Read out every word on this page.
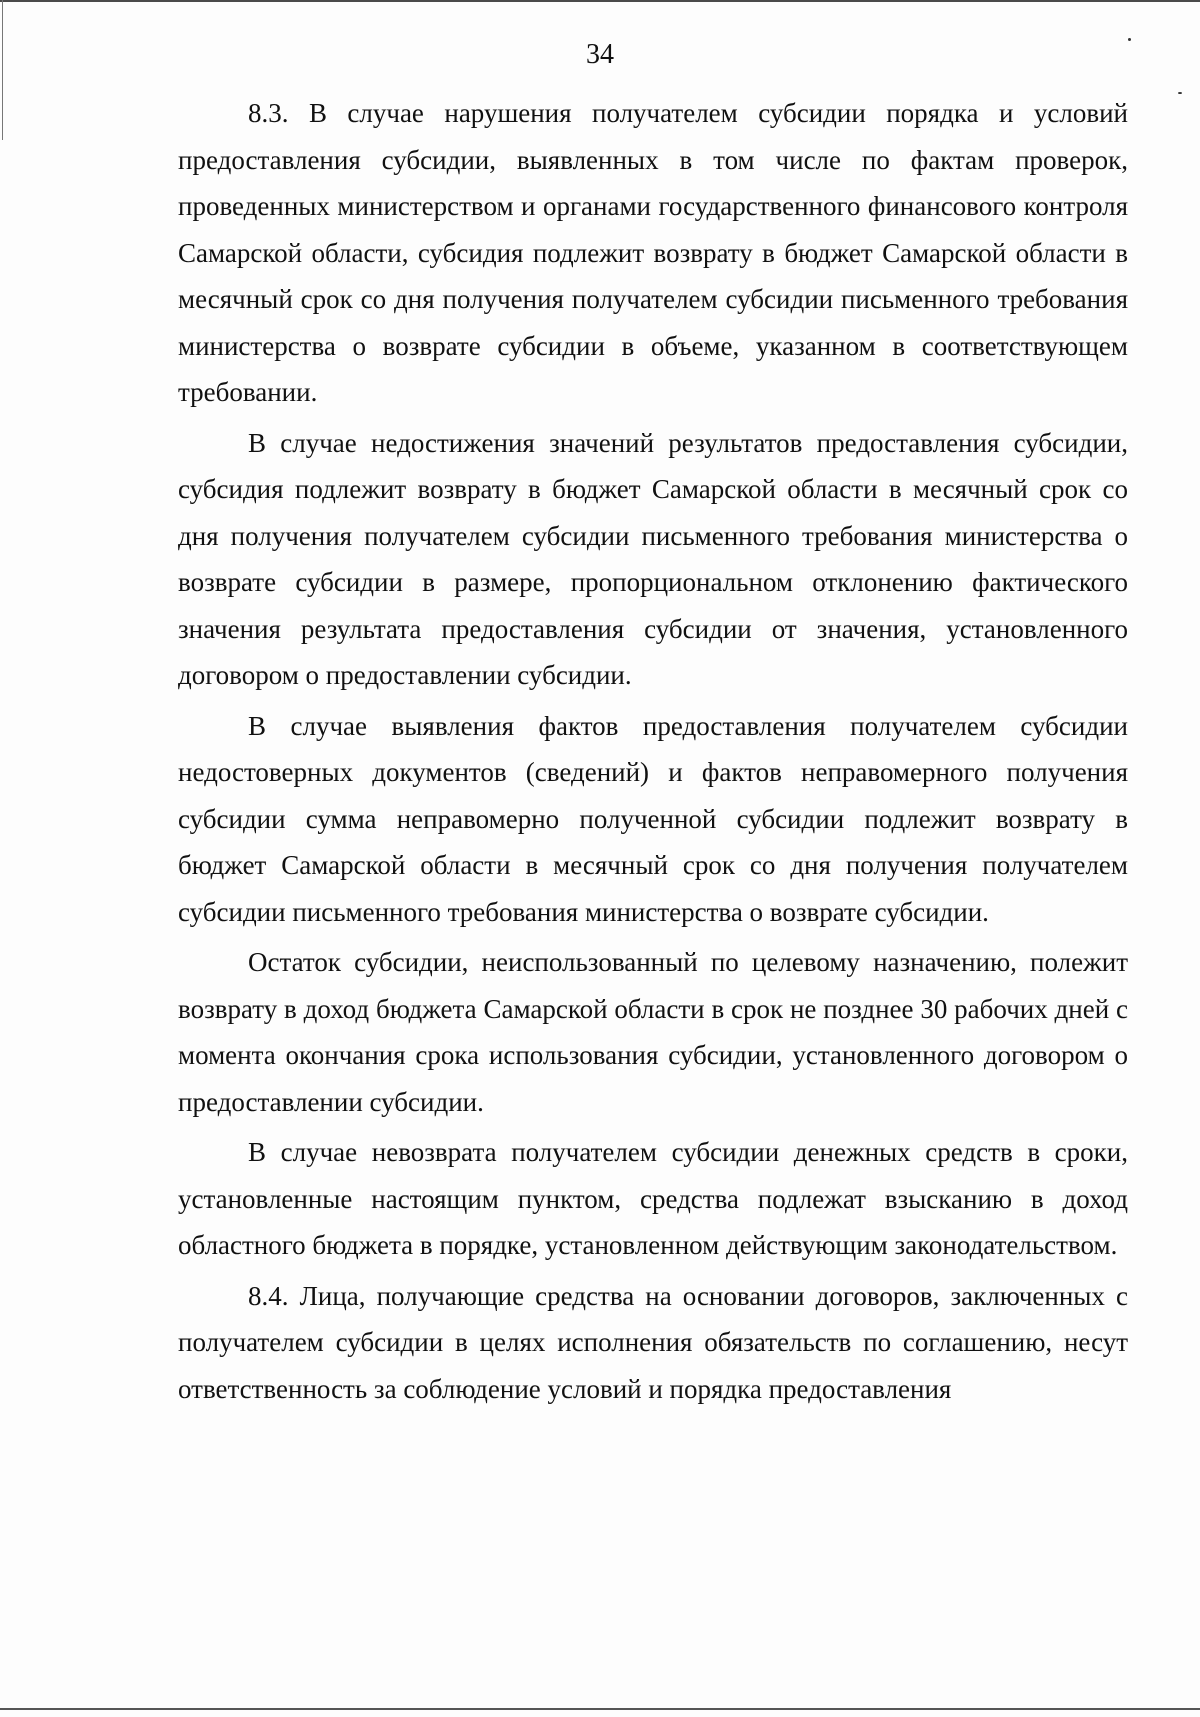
34

8.3. В случае нарушения получателем субсидии порядка и условий предоставления субсидии, выявленных в том числе по фактам проверок, проведенных министерством и органами государственного финансового контроля Самарской области, субсидия подлежит возврату в бюджет Самарской области в месячный срок со дня получения получателем субсидии письменного требования министерства о возврате субсидии в объеме, указанном в соответствующем требовании.

В случае недостижения значений результатов предоставления субсидии, субсидия подлежит возврату в бюджет Самарской области в месячный срок со дня получения получателем субсидии письменного требования министерства о возврате субсидии в размере, пропорциональном отклонению фактического значения результата предоставления субсидии от значения, установленного договором о предоставлении субсидии.

В случае выявления фактов предоставления получателем субсидии недостоверных документов (сведений) и фактов неправомерного получения субсидии сумма неправомерно полученной субсидии подлежит возврату в бюджет Самарской области в месячный срок со дня получения получателем субсидии письменного требования министерства о возврате субсидии.

Остаток субсидии, неиспользованный по целевому назначению, полежит возврату в доход бюджета Самарской области в срок не позднее 30 рабочих дней с момента окончания срока использования субсидии, установленного договором о предоставлении субсидии.

В случае невозврата получателем субсидии денежных средств в сроки, установленные настоящим пунктом, средства подлежат взысканию в доход областного бюджета в порядке, установленном действующим законодательством.

8.4. Лица, получающие средства на основании договоров, заключенных с получателем субсидии в целях исполнения обязательств по соглашению, несут ответственность за соблюдение условий и порядка предоставления
